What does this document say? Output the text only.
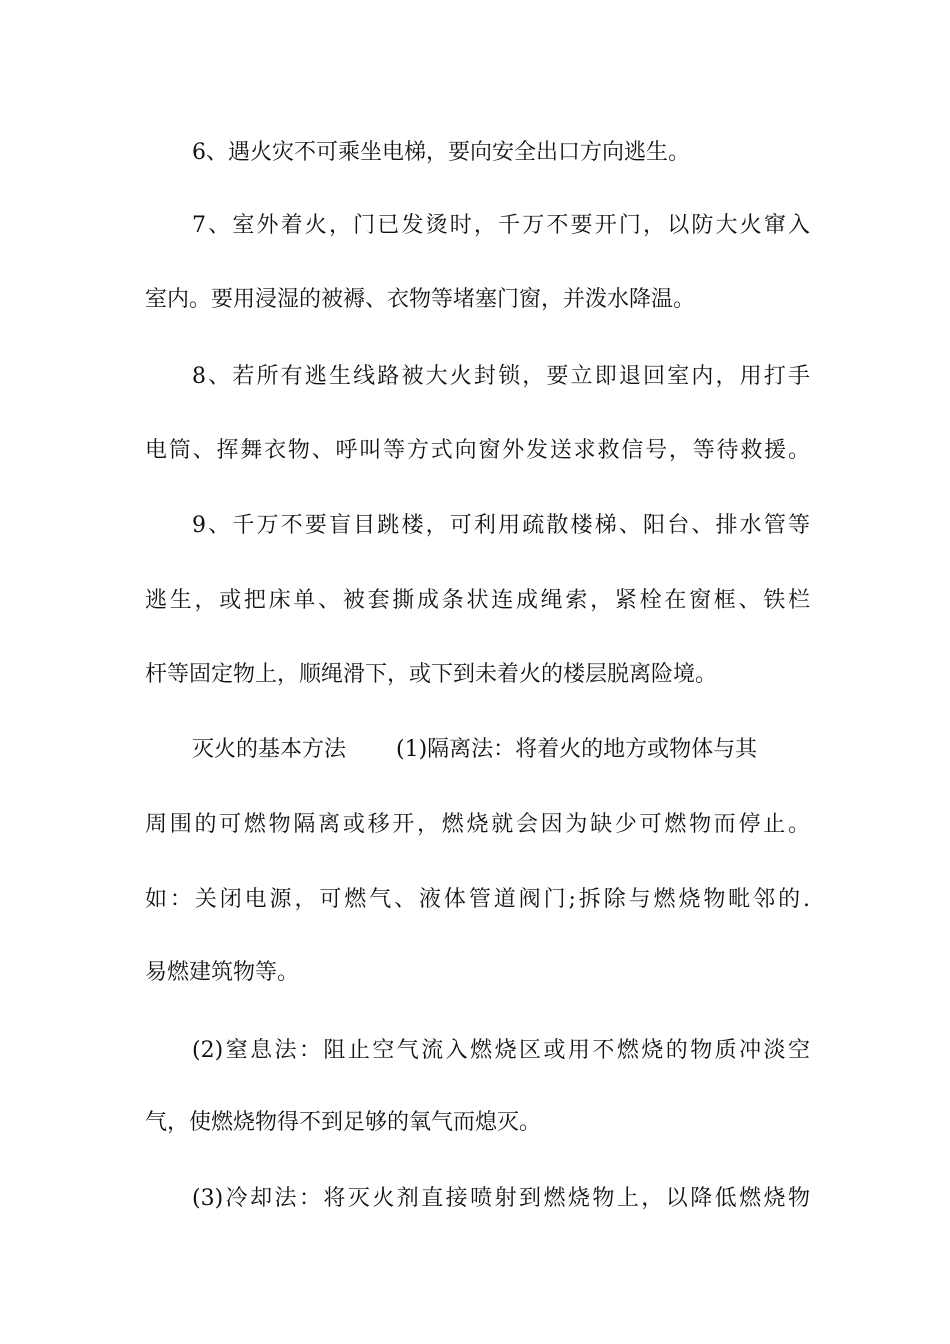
6、遇火灾不可乘坐电梯，要向安全出口方向逃生。

7、室外着火，门已发烫时，千万不要开门，以防大火窜入

室内。要用浸湿的被褥、衣物等堵塞门窗，并泼水降温。

8、若所有逃生线路被大火封锁，要立即退回室内，用打手

电筒、挥舞衣物、呼叫等方式向窗外发送求救信号，等待救援。

9、千万不要盲目跳楼，可利用疏散楼梯、阳台、排水管等

逃生，或把床单、被套撕成条状连成绳索，紧栓在窗框、铁栏

杆等固定物上，顺绳滑下，或下到未着火的楼层脱离险境。

灭火的基本方法 (1)隔离法：将着火的地方或物体与其

周围的可燃物隔离或移开，燃烧就会因为缺少可燃物而停止。

如：关闭电源，可燃气、液体管道阀门;拆除与燃烧物毗邻的.

易燃建筑物等。

(2)窒息法：阻止空气流入燃烧区或用不燃烧的物质冲淡空

气，使燃烧物得不到足够的氧气而熄灭。

(3)冷却法：将灭火剂直接喷射到燃烧物上，以降低燃烧物
